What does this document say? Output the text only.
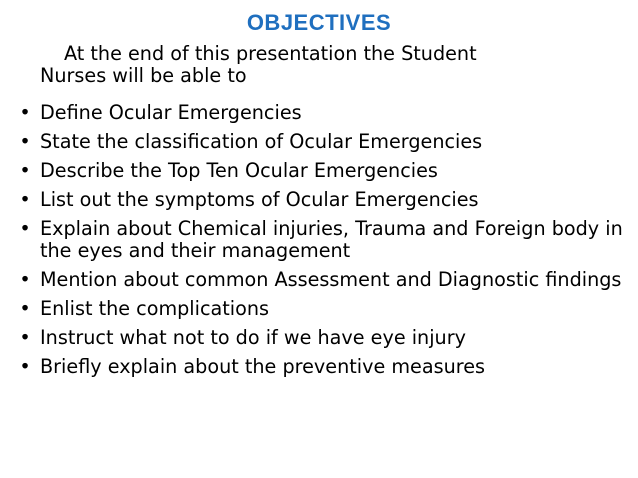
OBJECTIVES
At the end of this presentation the Student
Nurses will be able to
• Define Ocular Emergencies
• State the classification of Ocular Emergencies
• Describe the Top Ten Ocular Emergencies
• List out the symptoms of Ocular Emergencies
• Explain about Chemical injuries, Trauma and Foreign body in the eyes and their management
• Mention about common Assessment and Diagnostic findings
• Enlist the complications
• Instruct what not to do if we have eye injury
• Briefly explain about the preventive measures
